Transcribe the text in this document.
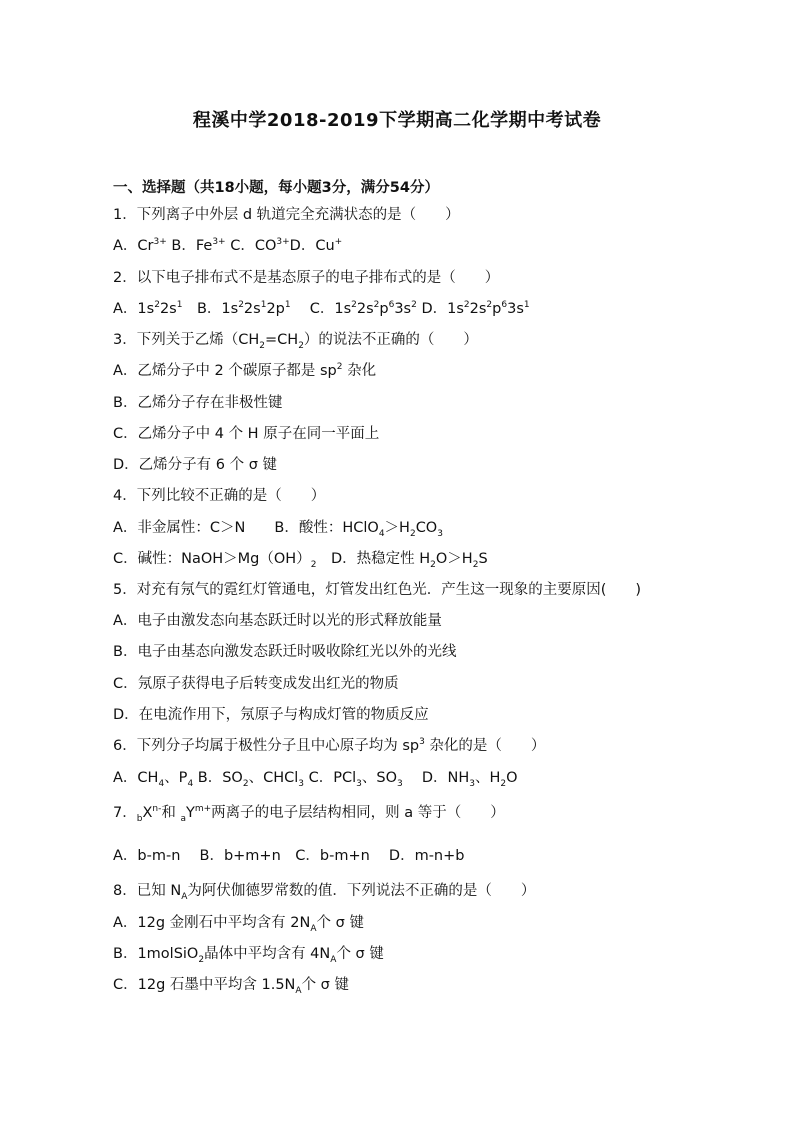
程溪中学2018-2019下学期高二化学期中考试卷
一、选择题（共18小题，每小题3分，满分54分）
1．下列离子中外层 d 轨道完全充满状态的是（　　）
A．$Cr^{3+}$ B．$Fe^{3+}$ C．$CO^{3+}D$．Cu+
2．以下电子排布式不是基态原子的电子排布式的是（　　）
A．$1s^22s^1$　B．$1s^22s^12p^1$　 C．$1s^22s^2p^63s^2$ D．$1s^22s^2p^63s^1$
3．下列关于乙烯$(CH_2=CH_2)$的说法不正确的（　　）
A．乙烯分子中 2 个碳原子都是 $sp^2$ 杂化
B．乙烯分子存在非极性键
C．乙烯分子中 4 个 H 原子在同一平面上
D．乙烯分子有 6 个 σ 键
4．下列比较不正确的是（　　）
A．非金属性：C＞N　　B．酸性：$HClO_4>H_2CO_3$
C．碱性：$NaOH>Mg(OH)_2$　D．热稳定性 $H_2O>H_2S$
5．对充有氖气的霓红灯管通电，灯管发出红色光．产生这一现象的主要原因(　　)
A．电子由激发态向基态跃迁时以光的形式释放能量
B．电子由基态向激发态跃迁时吸收除红光以外的光线
C．氖原子获得电子后转变成发出红光的物质
D．在电流作用下，氖原子与构成灯管的物质反应
6．下列分子均属于极性分子且中心原子均为 $sp^3$ 杂化的是（　　）
A．$CH_4$、$P_4$ B．$SO_2$、CHCl$_3$ C．PCl$_3$、$SO_3$　 D．$NH_3$、$H_2O$
7．$_bX^{n-}$和 $_aY^{m+}$两离子的电子层结构相同，则 a 等于（　　）
A．b-m-n　 B．b+m+n　C．b-m+n　 D．m-n+b
8．已知 $N_A$为阿伏伽德罗常数的值．下列说法不正确的是（　　）
A．12g 金刚石中平均含有 $2N_A$个 σ 键
B．1molSiO$_2$晶体中平均含有 $4N_A$个 σ 键
C．12g 石墨中平均含 $1.5N_A$个 σ 键
